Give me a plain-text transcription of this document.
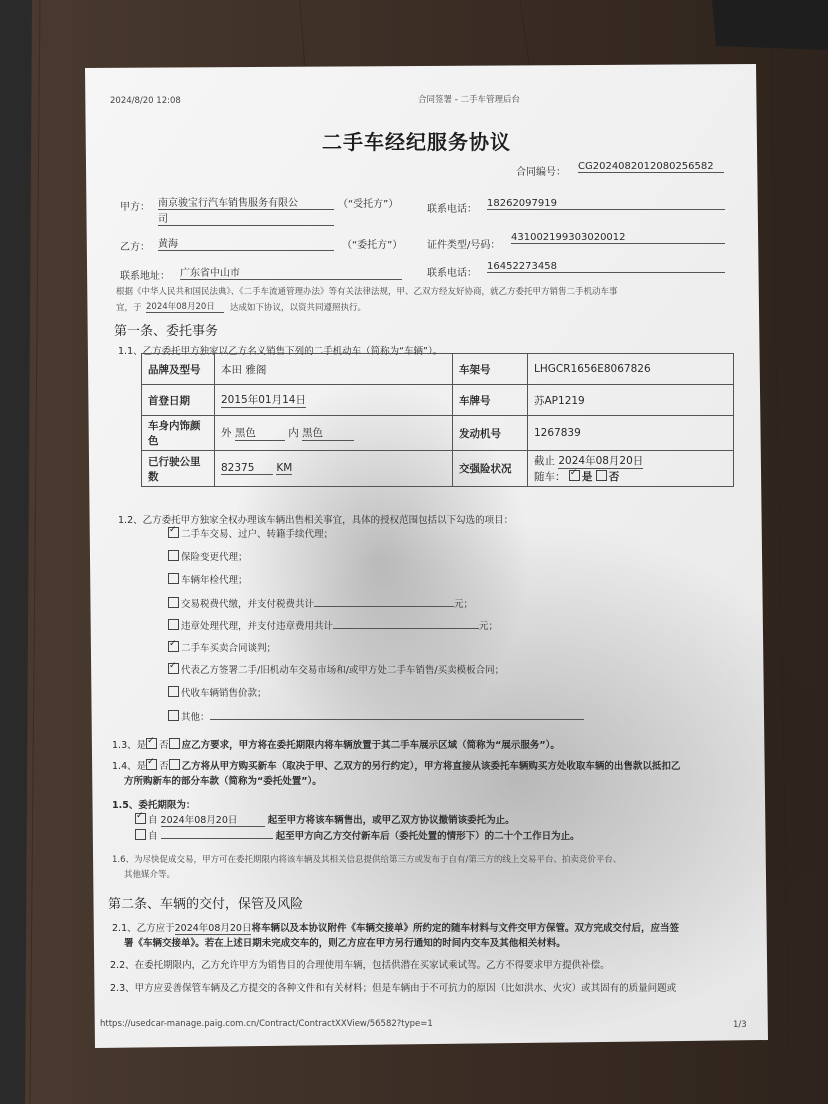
2024/8/20 12:08	合同签署 - 二手车管理后台
二手车经纪服务协议
合同编号：
CG20240820120802565​82
甲方： 南京骏宝行汽车销售服务有限公
司
（“受托方”）	联系电话：
18262097919
乙方： 黄海	（“委托方”） 证件类型/号码：
431002199303020012
联系地址： 广东省中山市	联系电话：
16452273458
根据《中华人民共和国民法典》、《二手车流通管理办法》等有关法律法规，甲、乙双方经友好协商，就乙方委托甲方销售二手机动车事
宜，于 2024年08月20日	达成如下协议，以资共同遵照执行。
第一条、委托事务
1.1、乙方委托甲方独家以乙方名义销售下列的二手机动车（简称为“车辆”）。
品牌及型号	本田 雅阁	车架号	LHGCR1656E8067826
首登日期	2015年01月14日	车牌号	苏AP1219
车身内饰颜
色	外 黑色 内 黑色	发动机号	1267839
已行驶公里
数	82375 KM	交强险状况	截止 2024年08月20日
随车： ✓ 是 否
1.2、乙方委托甲方独家全权办理该车辆出售相关事宜，具体的授权范围包括以下勾选的项目：
✓二手车交易、过户、转籍手续代理；
保险变更代理；
车辆年检代理；
交易税费代缴，并支付税费共计	元；
违章处理代理，并支付违章费用共计	元；
✓二手车买卖合同谈判；
✓代表乙方签署二手/旧机动车交易市场和/或甲方处二手车销售/买卖模板合同；
代收车辆销售价款；
其他：
1.3、是 ✓ 否 应乙方要求，甲方将在委托期限内将车辆放置于其二手车展示区域（简称为“展示服务”）。
1.4、是 ✓ 否 乙方将从甲方购买新车（取决于甲、乙双方的另行约定），甲方将直接从该委托车辆购买方处收取车辆的出售款以抵扣乙
方所购新车的部分车款（简称为“委托处置”）。
1.5、委托期限为：
✓自 2024年08月20日	起至甲方将该车辆售出，或甲乙双方协议撤销该委托为止。
自	起至甲方向乙方交付新车后（委托处置的情形下）的二十个工作日为止。
1.6、为尽快促成交易，甲方可在委托期限内将该车辆及其相关信息提供给第三方或发布于自有/第三方的线上交易平台、拍卖竞价平台、
其他媒介等。
第二条、车辆的交付，保管及风险
2.1、乙方应于2024年08月20日将车辆以及本协议附件《车辆交接单》所约定的随车材料与文件交甲方保管。双方完成交付后，应当签
署《车辆交接单》。若在上述日期未完成交车的，则乙方应在甲方另行通知的时间内交车及其他相关材料。
2.2、在委托期限内，乙方允许甲方为销售目的合理使用车辆，包括供潜在买家试乘试驾。乙方不得要求甲方提供补偿。
2.3、甲方应妥善保管车辆及乙方提交的各种文件和有关材料；但是车辆由于不可抗力的原因（比如洪水、火灾）或其固有的质量问题或
https://usedcar-manage.paig.com.cn/Contract/ContractXXView/56582?type=1	1/3
